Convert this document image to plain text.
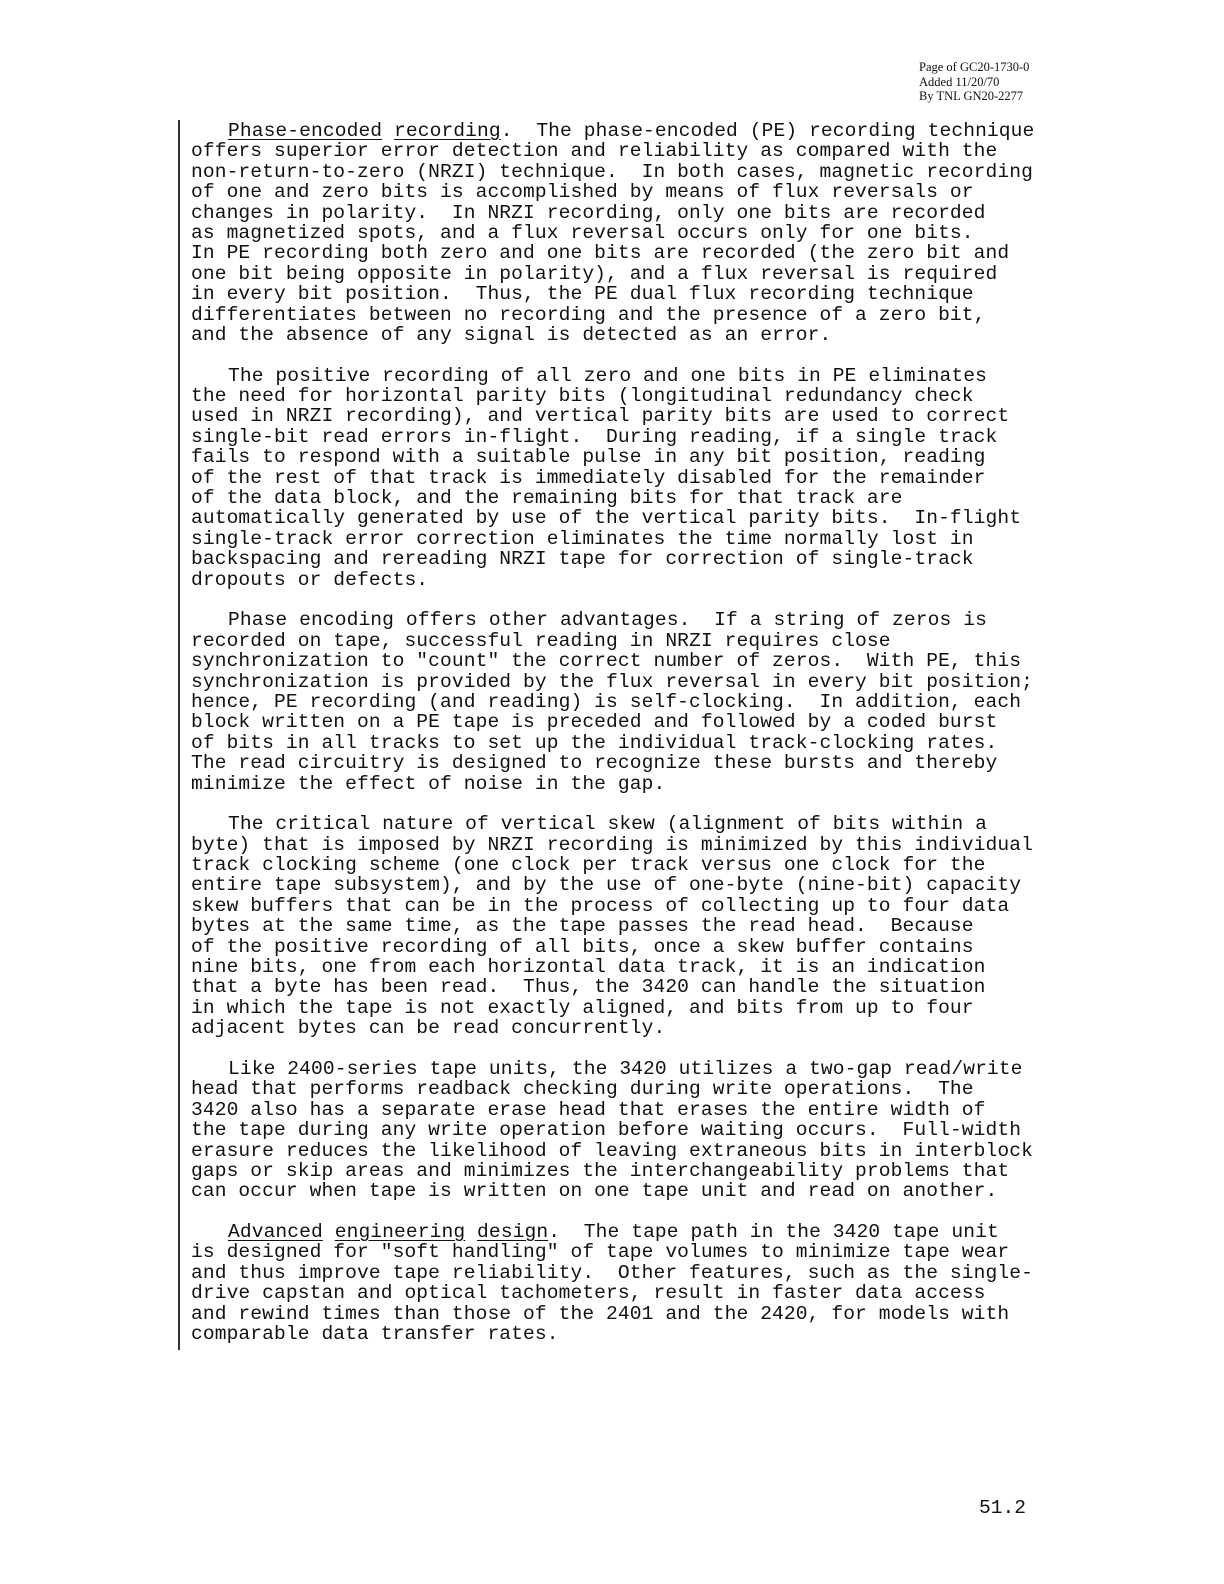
Page of GC20-1730-0
Added 11/20/70
By TNL GN20-2277
Phase-encoded recording.  The phase-encoded (PE) recording technique
offers superior error detection and reliability as compared with the
non-return-to-zero (NRZI) technique.  In both cases, magnetic recording
of one and zero bits is accomplished by means of flux reversals or
changes in polarity.  In NRZI recording, only one bits are recorded
as magnetized spots, and a flux reversal occurs only for one bits.
In PE recording both zero and one bits are recorded (the zero bit and
one bit being opposite in polarity), and a flux reversal is required
in every bit position.  Thus, the PE dual flux recording technique
differentiates between no recording and the presence of a zero bit,
and the absence of any signal is detected as an error.
The positive recording of all zero and one bits in PE eliminates
the need for horizontal parity bits (longitudinal redundancy check
used in NRZI recording), and vertical parity bits are used to correct
single-bit read errors in-flight.  During reading, if a single track
fails to respond with a suitable pulse in any bit position, reading
of the rest of that track is immediately disabled for the remainder
of the data block, and the remaining bits for that track are
automatically generated by use of the vertical parity bits.  In-flight
single-track error correction eliminates the time normally lost in
backspacing and rereading NRZI tape for correction of single-track
dropouts or defects.
Phase encoding offers other advantages.  If a string of zeros is
recorded on tape, successful reading in NRZI requires close
synchronization to "count" the correct number of zeros.  With PE, this
synchronization is provided by the flux reversal in every bit position;
hence, PE recording (and reading) is self-clocking.  In addition, each
block written on a PE tape is preceded and followed by a coded burst
of bits in all tracks to set up the individual track-clocking rates.
The read circuitry is designed to recognize these bursts and thereby
minimize the effect of noise in the gap.
The critical nature of vertical skew (alignment of bits within a
byte) that is imposed by NRZI recording is minimized by this individual
track clocking scheme (one clock per track versus one clock for the
entire tape subsystem), and by the use of one-byte (nine-bit) capacity
skew buffers that can be in the process of collecting up to four data
bytes at the same time, as the tape passes the read head.  Because
of the positive recording of all bits, once a skew buffer contains
nine bits, one from each horizontal data track, it is an indication
that a byte has been read.  Thus, the 3420 can handle the situation
in which the tape is not exactly aligned, and bits from up to four
adjacent bytes can be read concurrently.
Like 2400-series tape units, the 3420 utilizes a two-gap read/write
head that performs readback checking during write operations.  The
3420 also has a separate erase head that erases the entire width of
the tape during any write operation before waiting occurs.  Full-width
erasure reduces the likelihood of leaving extraneous bits in interblock
gaps or skip areas and minimizes the interchangeability problems that
can occur when tape is written on one tape unit and read on another.
Advanced engineering design.  The tape path in the 3420 tape unit
is designed for "soft handling" of tape volumes to minimize tape wear
and thus improve tape reliability.  Other features, such as the single-
drive capstan and optical tachometers, result in faster data access
and rewind times than those of the 2401 and the 2420, for models with
comparable data transfer rates.
51.2
